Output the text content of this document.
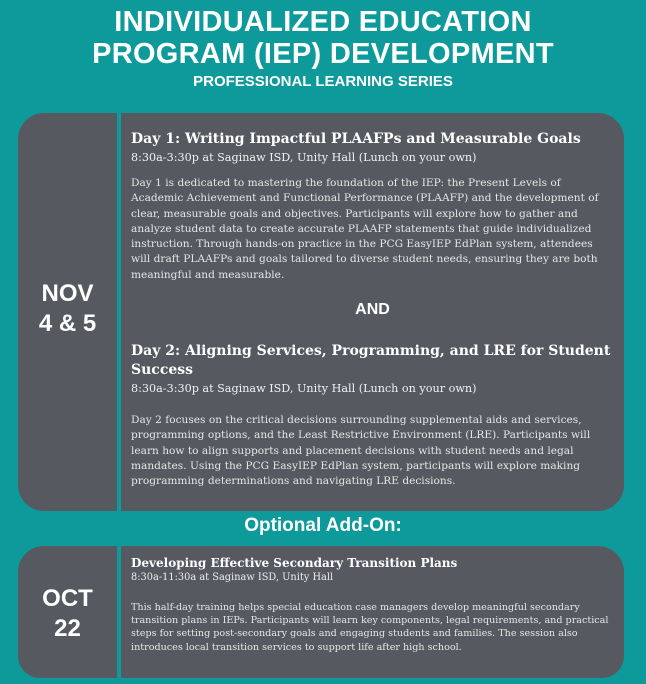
INDIVIDUALIZED EDUCATION
PROGRAM (IEP) DEVELOPMENT
PROFESSIONAL LEARNING SERIES
NOV
4 & 5
Day 1: Writing Impactful PLAAFPs and Measurable Goals
8:30a-3:30p at Saginaw ISD, Unity Hall (Lunch on your own)
Day 1 is dedicated to mastering the foundation of the IEP: the Present Levels of Academic Achievement and Functional Performance (PLAAFP) and the development of clear, measurable goals and objectives. Participants will explore how to gather and analyze student data to create accurate PLAAFP statements that guide individualized instruction. Through hands-on practice in the PCG EasyIEP EdPlan system, attendees will draft PLAAFPs and goals tailored to diverse student needs, ensuring they are both meaningful and measurable.
AND
Day 2: Aligning Services, Programming, and LRE for Student Success
8:30a-3:30p at Saginaw ISD, Unity Hall (Lunch on your own)
Day 2 focuses on the critical decisions surrounding supplemental aids and services, programming options, and the Least Restrictive Environment (LRE). Participants will learn how to align supports and placement decisions with student needs and legal mandates. Using the PCG EasyIEP EdPlan system, participants will explore making programming determinations and navigating LRE decisions.
Optional Add-On:
OCT
22
Developing Effective Secondary Transition Plans
8:30a-11:30a at Saginaw ISD, Unity Hall
This half-day training helps special education case managers develop meaningful secondary transition plans in IEPs. Participants will learn key components, legal requirements, and practical steps for setting post-secondary goals and engaging students and families. The session also introduces local transition services to support life after high school.
